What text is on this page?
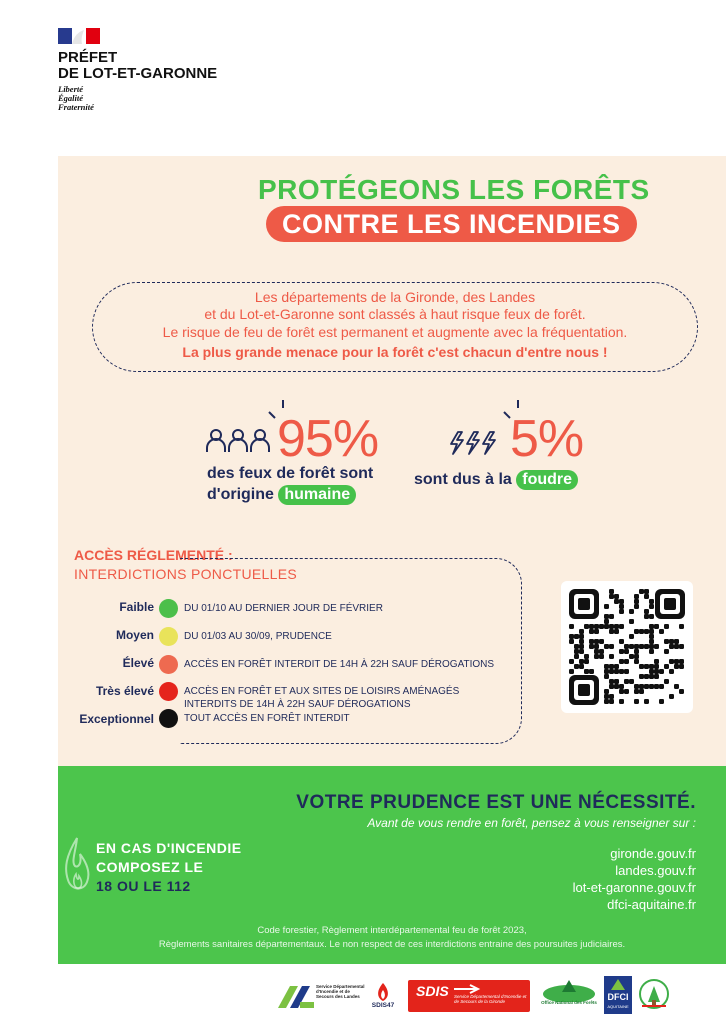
PRÉFET
DE LOT-ET-GARONNE
Liberté
Égalité
Fraternité
PROTÉGEONS LES FORÊTS
CONTRE LES INCENDIES
Les départements de la Gironde, des Landes
et du Lot-et-Garonne sont classés à haut risque feux de forêt.
Le risque de feu de forêt est permanent et augmente avec la fréquentation.
La plus grande menace pour la forêt c'est chacun d'entre nous !
95%
des feux de forêt sont
d'origine humaine
5%
sont dus à la foudre
ACCÈS RÉGLEMENTÉ :
INTERDICTIONS PONCTUELLES
Faible	DU 01/10 AU DERNIER JOUR DE FÉVRIER
Moyen	DU 01/03 AU 30/09, PRUDENCE
Élevé	ACCÈS EN FORÊT INTERDIT DE 14H À 22H SAUF DÉROGATIONS
Très élevé	ACCÈS EN FORÊT ET AUX SITES DE LOISIRS AMÉNAGÉS
INTERDITS DE 14H À 22H SAUF DÉROGATIONS
Exceptionnel	TOUT ACCÈS EN FORÊT INTERDIT
VOTRE PRUDENCE EST UNE NÉCESSITÉ.
Avant de vous rendre en forêt, pensez à vous renseigner sur :
gironde.gouv.fr
landes.gouv.fr
lot-et-garonne.gouv.fr
dfci-aquitaine.fr
EN CAS D'INCENDIE
COMPOSEZ LE
18 OU LE 112
Code forestier, Règlement interdépartemental feu de forêt 2023,
Règlements sanitaires départementaux. Le non respect de ces interdictions entraine des poursuites judiciaires.
Service Départemental d'Incendie et de Secours des Landes
SDIS47
SDIS Service Départemental d'Incendie et de Secours de la Gironde	Office National des Forêts
DFCI
AQUITAINE
